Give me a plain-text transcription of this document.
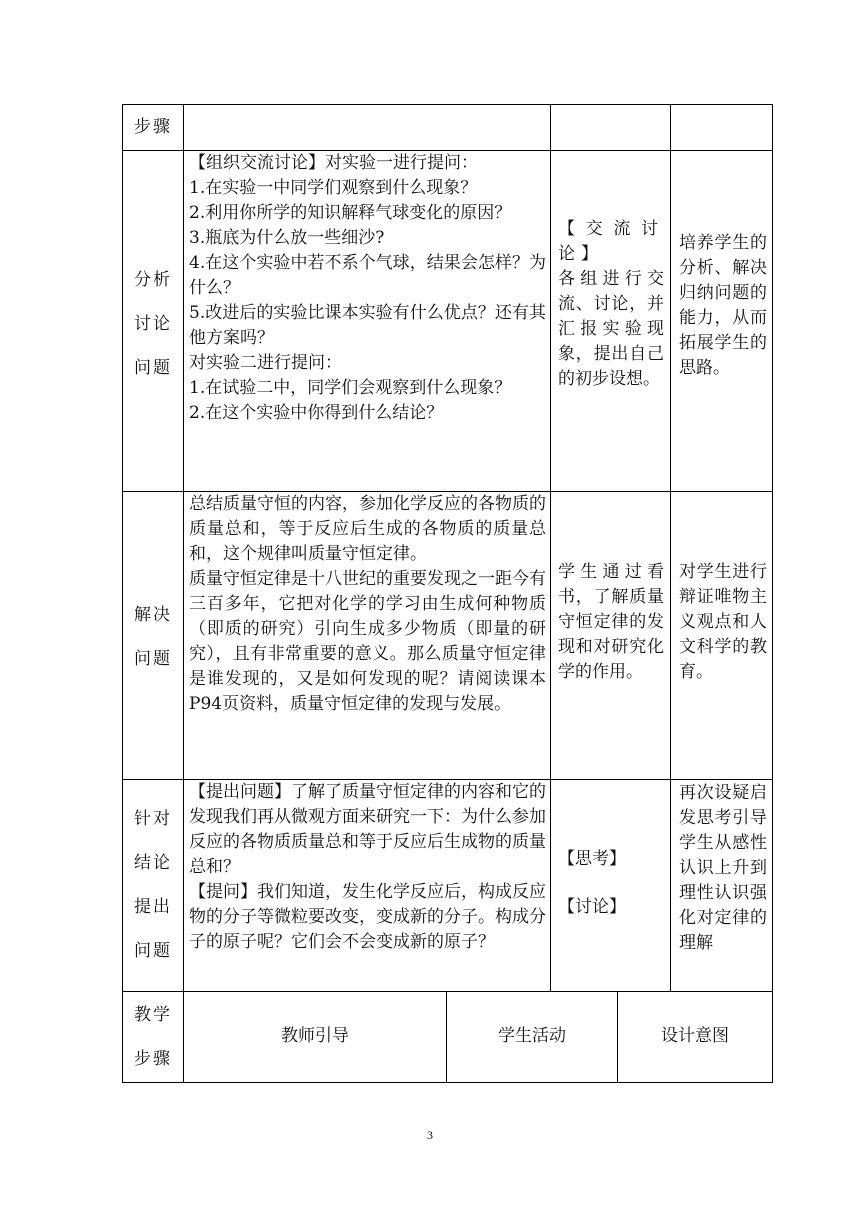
步骤
分析
讨论
问题
【组织交流讨论】对实验一进行提问：
1.在实验一中同学们观察到什么现象？
2.利用你所学的知识解释气球变化的原因？
3.瓶底为什么放一些细沙?
4.在这个实验中若不系个气球，结果会怎样？为什么？
5.改进后的实验比课本实验有什么优点？还有其他方案吗？
对实验二进行提问：
1.在试验二中，同学们会观察到什么现象？
2.在这个实验中你得到什么结论？
【交流讨论】
各组进行交流、讨论，并汇报实验现象，提出自己的初步设想。
培养学生的分析、解决归纳问题的能力，从而拓展学生的思路。
解决
问题
总结质量守恒的内容，参加化学反应的各物质的质量总和，等于反应后生成的各物质的质量总和，这个规律叫质量守恒定律。
质量守恒定律是十八世纪的重要发现之一距今有三百多年，它把对化学的学习由生成何种物质（即质的研究）引向生成多少物质（即量的研究），且有非常重要的意义。那么质量守恒定律是谁发现的，又是如何发现的呢？请阅读课本P94页资料，质量守恒定律的发现与发展。
学生通过看书，了解质量守恒定律的发现和对研究化学的作用。
对学生进行辩证唯物主义观点和人文科学的教育。
针对
结论
提出
问题
【提出问题】了解了质量守恒定律的内容和它的发现我们再从微观方面来研究一下：为什么参加反应的各物质质量总和等于反应后生成物的质量总和？
【提问】我们知道，发生化学反应后，构成反应物的分子等微粒要改变，变成新的分子。构成分子的原子呢？它们会不会变成新的原子？
【思考】
【讨论】
再次设疑启发思考引导学生从感性认识上升到理性认识强化对定律的理解
教学
步骤
教师引导	学生活动	设计意图
3
